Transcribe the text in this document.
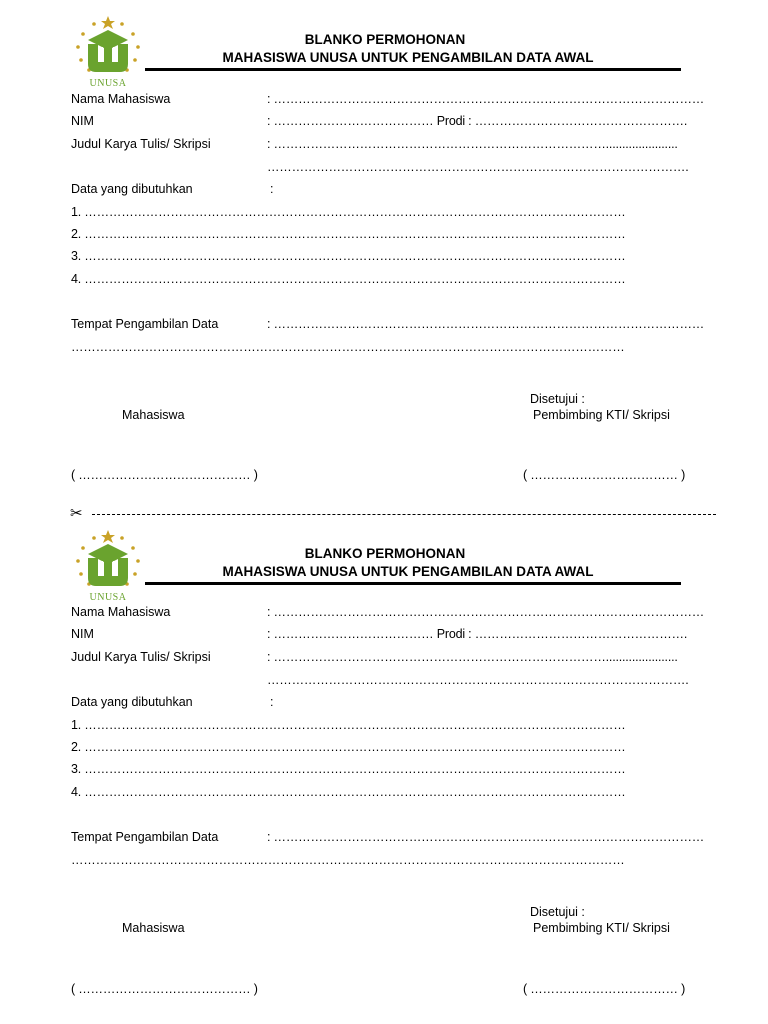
UNUSA
BLANKO PERMOHONAN
MAHASISWA UNUSA UNTUK PENGAMBILAN DATA AWAL
Nama Mahasiswa	: ……………………………………………………………………………………………
NIM	: ………………………………… Prodi : …………………………………………….
Judul Karya Tulis/ Skripsi	: ………………………………………………………………………......................
………………………………………………………………………………………….
Data yang dibutuhkan	:
1. ……………………………………………………………………………………………………………………
2. ……………………………………………………………………………………………………………………
3. ……………………………………………………………………………………………………………………
4. ……………………………………………………………………………………………………………………
Tempat Pengambilan Data	: ……………………………………………………………………………………………
………………………………………………………………………………………………………………………
Disetujui :
Mahasiswa	Pembimbing KTI/ Skripsi
( …………………………………… )	( ……………………………… )
✂
UNUSA
BLANKO PERMOHONAN
MAHASISWA UNUSA UNTUK PENGAMBILAN DATA AWAL
Nama Mahasiswa	: ……………………………………………………………………………………………
NIM	: ………………………………… Prodi : …………………………………………….
Judul Karya Tulis/ Skripsi	: ………………………………………………………………………......................
………………………………………………………………………………………….
Data yang dibutuhkan	:
1. ……………………………………………………………………………………………………………………
2. ……………………………………………………………………………………………………………………
3. ……………………………………………………………………………………………………………………
4. ……………………………………………………………………………………………………………………
Tempat Pengambilan Data	: ……………………………………………………………………………………………
………………………………………………………………………………………………………………………
Disetujui :
Mahasiswa	Pembimbing KTI/ Skripsi
( …………………………………… )	( ……………………………… )
